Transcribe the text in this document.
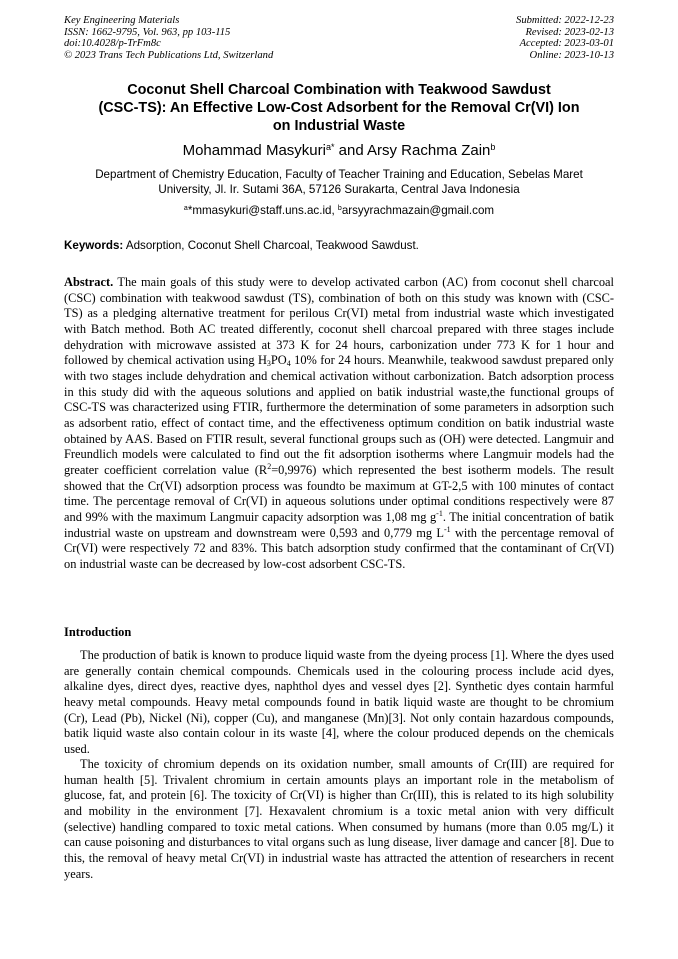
Key Engineering Materials
ISSN: 1662-9795, Vol. 963, pp 103-115
doi:10.4028/p-TrFm8c
© 2023 Trans Tech Publications Ltd, Switzerland
Submitted: 2022-12-23
Revised: 2023-02-13
Accepted: 2023-03-01
Online: 2023-10-13
Coconut Shell Charcoal Combination with Teakwood Sawdust
(CSC-TS): An Effective Low-Cost Adsorbent for the Removal Cr(VI) Ion
on Industrial Waste
Mohammad Masykuri$^{a*}$ and Arsy Rachma Zain$^b$
Department of Chemistry Education, Faculty of Teacher Training and Education, Sebelas Maret
University, Jl. Ir. Sutami 36A, 57126 Surakarta, Central Java Indonesia
$^a$*mmasykuri@staff.uns.ac.id, $^b$arsyyrachmazain@gmail.com
Keywords: Adsorption, Coconut Shell Charcoal, Teakwood Sawdust.

Abstract. The main goals of this study were to develop activated carbon (AC) from coconut shell charcoal (CSC) combination with teakwood sawdust (TS), combination of both on this study was known with (CSC-TS) as a pledging alternative treatment for perilous Cr(VI) metal from industrial waste which investigated with Batch method. Both AC treated differently, coconut shell charcoal prepared with three stages include dehydration with microwave assisted at 373 K for 24 hours, carbonization under 773 K for 1 hour and followed by chemical activation using $H_3PO_4$ 10% for 24 hours. Meanwhile, teakwood sawdust prepared only with two stages include dehydration and chemical activation without carbonization. Batch adsorption process in this study did with the aqueous solutions and applied on batik industrial waste,the functional groups of CSC-TS was characterized using FTIR, furthermore the determination of some parameters in adsorption such as adsorbent ratio, effect of contact time, and the effectiveness optimum condition on batik industrial waste obtained by AAS. Based on FTIR result, several functional groups such as (OH) were detected. Langmuir and Freundlich models were calculated to find out the fit adsorption isotherms where Langmuir models had the greater coefficient correlation value $(R^2=0,9976)$ which represented the best isotherm models. The result showed that the Cr(VI) adsorption process was foundto be maximum at GT-2,5 with 100 minutes of contact time. The percentage removal of Cr(VI) in aqueous solutions under optimal conditions respectively were 87 and 99% with the maximum Langmuir capacity adsorption was 1,08 mg $g^{-1}$. The initial concentration of batik industrial waste on upstream and downstream were 0,593 and 0,779 mg $L^{-1}$ with the percentage removal of Cr(VI) were respectively 72 and 83%. This batch adsorption study confirmed that the contaminant of Cr(VI) on industrial waste can be decreased by low-cost adsorbent CSC-TS.

Introduction

The production of batik is known to produce liquid waste from the dyeing process [1]. Where the dyes used are generally contain chemical compounds. Chemicals used in the colouring process include acid dyes, alkaline dyes, direct dyes, reactive dyes, naphthol dyes and vessel dyes [2]. Synthetic dyes contain harmful heavy metal compounds. Heavy metal compounds found in batik liquid waste are thought to be chromium (Cr), Lead (Pb), Nickel (Ni), copper (Cu), and manganese (Mn)[3]. Not only contain hazardous compounds, batik liquid waste also contain colour in its waste [4], where the colour produced depends on the chemicals used.

The toxicity of chromium depends on its oxidation number, small amounts of Cr(III) are required for human health [5]. Trivalent chromium in certain amounts plays an important role in the metabolism of glucose, fat, and protein [6]. The toxicity of Cr(VI) is higher than Cr(III), this is related to its high solubility and mobility in the environment [7]. Hexavalent chromium is a toxic metal anion with very difficult (selective) handling compared to toxic metal cations. When consumed by humans (more than 0.05 mg/L) it can cause poisoning and disturbances to vital organs such as lung disease, liver damage and cancer [8]. Due to this, the removal of heavy metal Cr(VI) in industrial waste has attracted the attention of researchers in recent years.
